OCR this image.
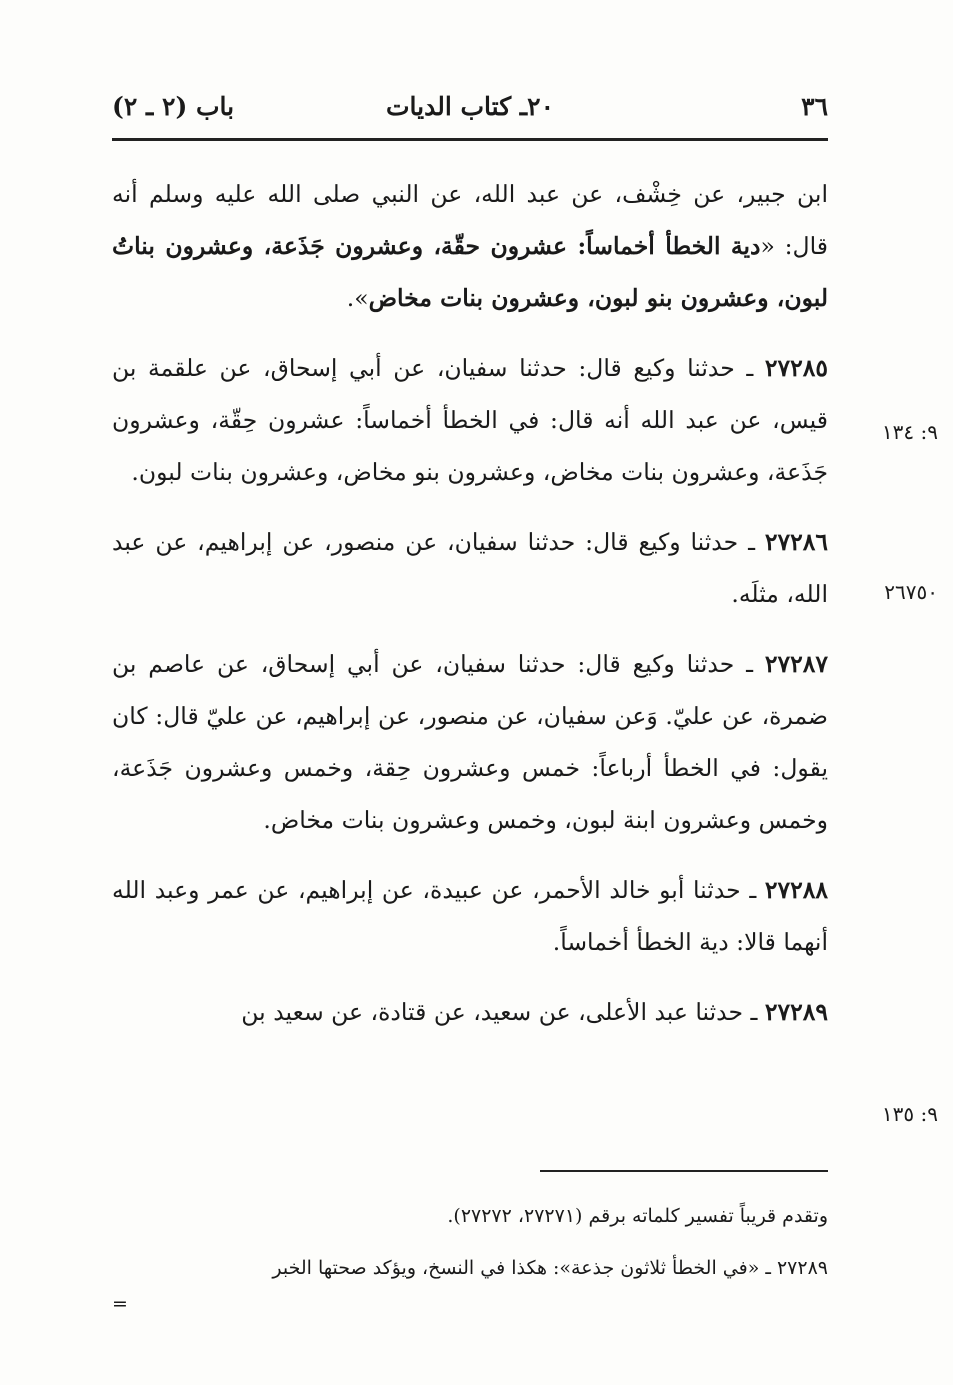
٣٦
٢٠ـ كتاب الديات
باب (٢ ـ ٢)
٩: ١٣٤
٢٦٧٥٠
٩: ١٣٥

ابن جبير، عن خِشْف، عن عبد الله، عن النبي صلى الله عليه وسلم أنه قال: «دية الخطأ أخماساً: عشرون حقّة، وعشرون جَذَعة، وعشرون بناتُ لبون، وعشرون بنو لبون، وعشرون بنات مخاض».

٢٧٢٨٥ ـ حدثنا وكيع قال: حدثنا سفيان، عن أبي إسحاق، عن علقمة بن قيس، عن عبد الله أنه قال: في الخطأ أخماساً: عشرون حِقّة، وعشرون جَذَعة، وعشرون بنات مخاض، وعشرون بنو مخاض، وعشرون بنات لبون.

٢٧٢٨٦ ـ حدثنا وكيع قال: حدثنا سفيان، عن منصور، عن إبراهيم، عن عبد الله، مثلَه.

٢٧٢٨٧ ـ حدثنا وكيع قال: حدثنا سفيان، عن أبي إسحاق، عن عاصم بن ضمرة، عن عليّ. وَعن سفيان، عن منصور، عن إبراهيم، عن عليّ قال: كان يقول: في الخطأ أرباعاً: خمس وعشرون حِقة، وخمس وعشرون جَذَعة، وخمس وعشرون ابنة لبون، وخمس وعشرون بنات مخاض.

٢٧٢٨٨ ـ حدثنا أبو خالد الأحمر، عن عبيدة، عن إبراهيم، عن عمر وعبد الله أنهما قالا: دية الخطأ أخماساً.

٢٧٢٨٩ ـ حدثنا عبد الأعلى، عن سعيد، عن قتادة، عن سعيد بن

وتقدم قريباً تفسير كلماته برقم (٢٧٢٧١، ٢٧٢٧٢).

٢٧٢٨٩ ـ «في الخطأ ثلاثون جذعة»: هكذا في النسخ، ويؤكد صحتها الخبر

=
